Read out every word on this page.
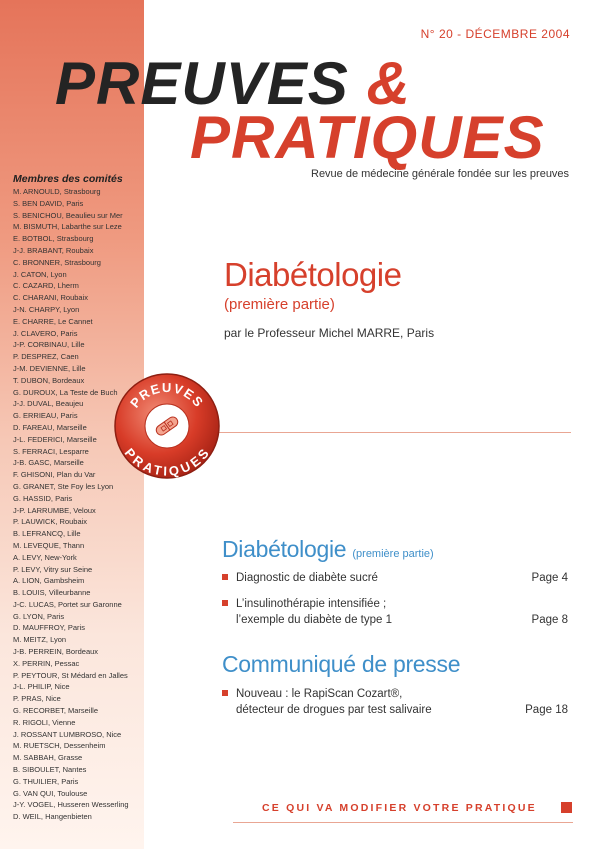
N° 20 - DÉCEMBRE 2004
PREUVES &
PRATIQUES
Revue de médecine générale fondée sur les preuves
Membres des comités
M. ARNOULD, Strasbourg
S. BEN DAVID, Paris
S. BENICHOU, Beaulieu sur Mer
M. BISMUTH, Labarthe sur Leze
E. BOTBOL, Strasbourg
J-J. BRABANT, Roubaix
C. BRONNER, Strasbourg
J. CATON, Lyon
C. CAZARD, Lherm
C. CHARANI, Roubaix
J-N. CHARPY, Lyon
E. CHARRE, Le Cannet
J. CLAVERO, Paris
J-P. CORBINAU, Lille
P. DESPREZ, Caen
J-M. DEVIENNE, Lille
T. DUBON, Bordeaux
G. DUROUX, La Teste de Buch
J-J. DUVAL, Beaujeu
G. ERRIEAU, Paris
D. FAREAU, Marseille
J-L. FEDERICI, Marseille
S. FERRACI, Lesparre
J-B. GASC, Marseille
F. GHISONI, Plan du Var
G. GRANET, Ste Foy les Lyon
G. HASSID, Paris
J-P. LARRUMBE, Veloux
P. LAUWICK, Roubaix
B. LEFRANCQ, Lille
M. LEVEQUE, Thann
A. LEVY, New-York
P. LEVY, Vitry sur Seine
A. LION, Gambsheim
B. LOUIS, Villeurbanne
J-C. LUCAS, Portet sur Garonne
G. LYON, Paris
D. MAUFFROY, Paris
M. MEITZ, Lyon
J-B. PERREIN, Bordeaux
X. PERRIN, Pessac
P. PEYTOUR, St Médard en Jalles
J-L. PHILIP, Nice
P. PRAS, Nice
G. RECORBET, Marseille
R. RIGOLI, Vienne
J. ROSSANT LUMBROSO, Nice
M. RUETSCH, Dessenheim
M. SABBAH, Grasse
B. SIBOULET, Nantes
G. THUILIER, Paris
G. VAN QUI, Toulouse
J-Y. VOGEL, Husseren Wesserling
D. WEIL, Hangenbieten
Diabétologie
(première partie)
par le Professeur Michel MARRE, Paris
PREUVES
PRATIQUES
Diabétologie (première partie)
Diagnostic de diabète sucré	Page 4
L’insulinothérapie intensifiée ;
l’exemple du diabète de type 1	Page 8
Communiqué de presse
Nouveau : le RapiScan Cozart®,
détecteur de drogues par test salivaire	Page 18
CE QUI VA MODIFIER VOTRE PRATIQUE
